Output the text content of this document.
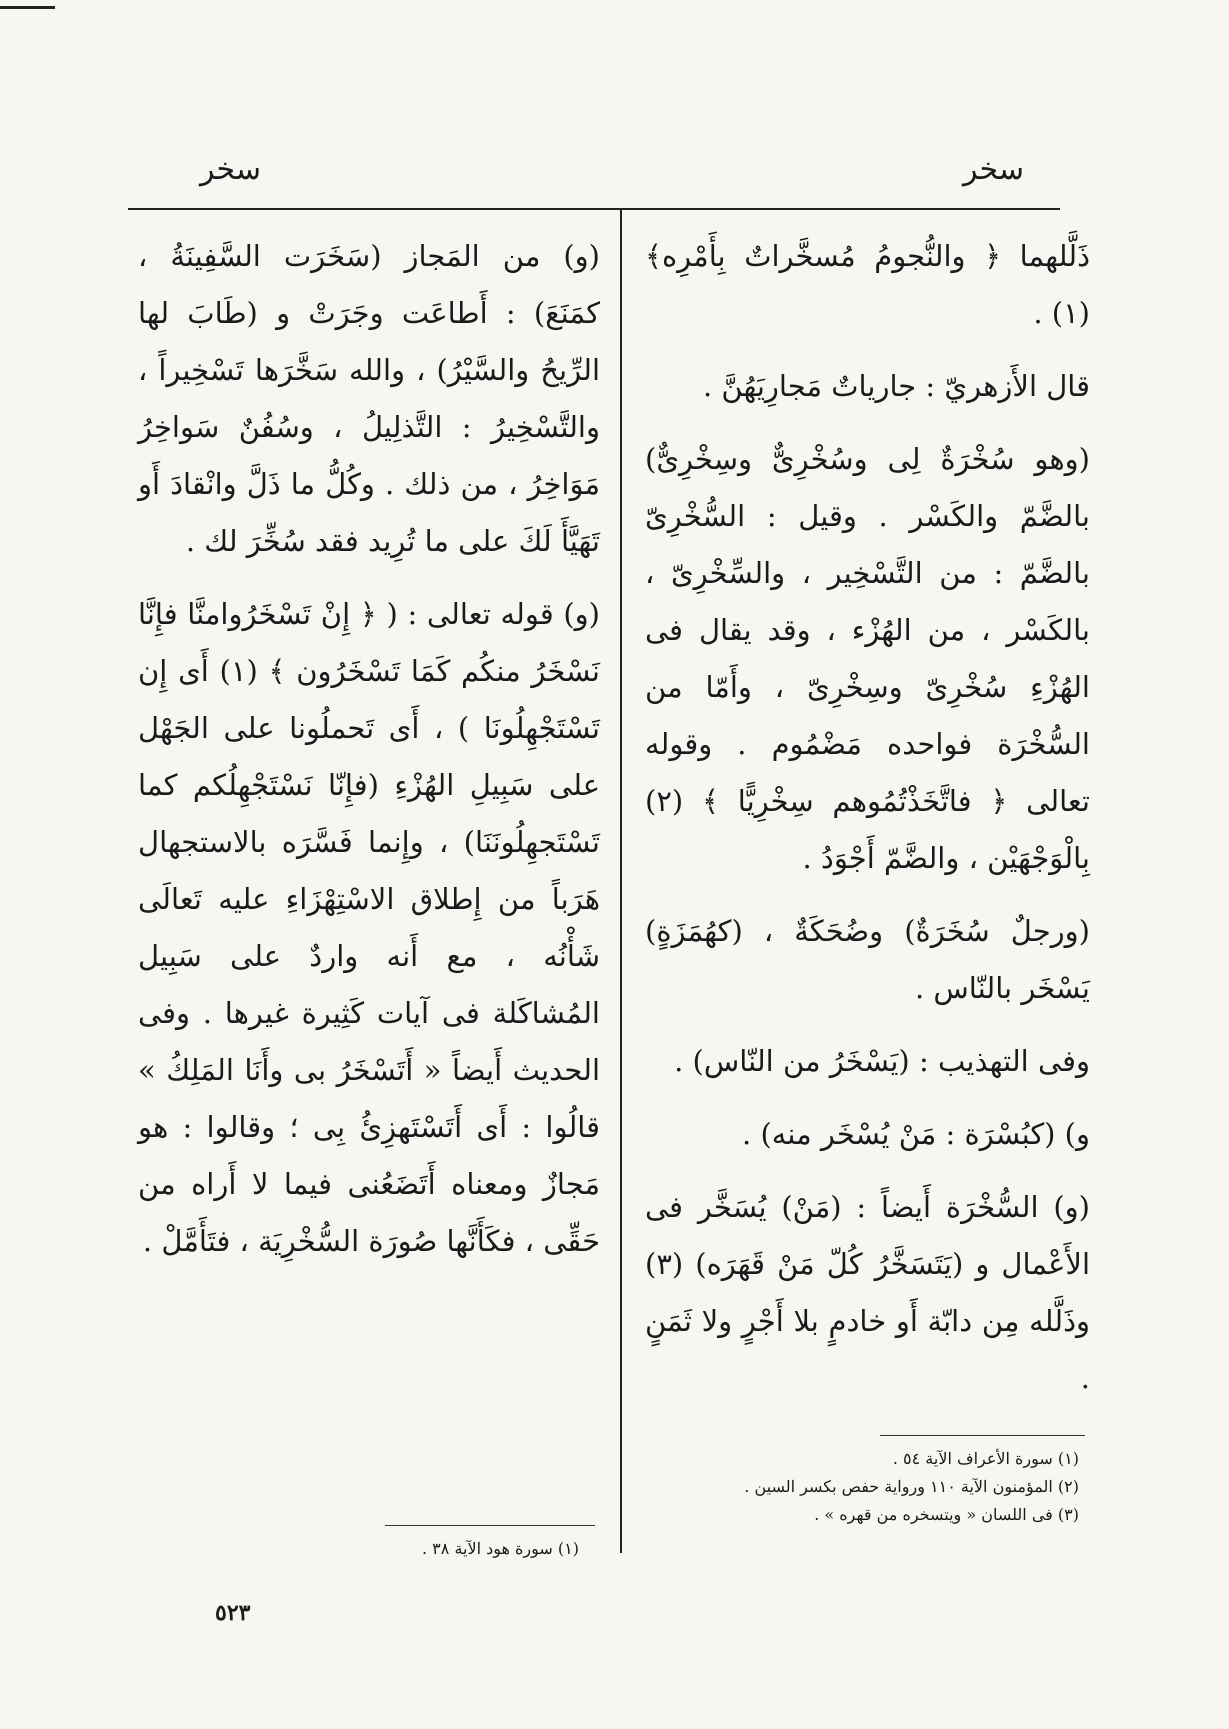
سخر
سخر

ذَلَّلهما ﴿ والنُّجومُ مُسخَّراتٌ بِأَمْرِه﴾ (١) .

قال الأَزهريّ : جارياتٌ مَجارِيَهُنَّ .

(وهو سُخْرَةٌ لِى وسُخْرِىٌّ وسِخْرِىٌّ) بالضَّمّ والكَسْر . وقيل : السُّخْرِىّ بالضَّمّ : من التَّسْخِير ، والسِّخْرِىّ ، بالكَسْر ، من الهُزْء ، وقد يقال فى الهُزْءِ سُخْرِىّ وسِخْرِىّ ، وأَمّا من السُّخْرَة فواحده مَضْمُوم . وقوله تعالى ﴿ فاتَّخَذْتُمُوهم سِخْرِيًّا ﴾ (٢) بِالْوَجْهَيْن ، والضَّمّ أَجْوَدُ .

(ورجلٌ سُخَرَةٌ) وضُحَكَةٌ ، (كهُمَزَةٍ) يَسْخَر بالنّاس .

وفى التهذيب : (يَسْخَرُ من النّاس) .

و) (كبُسْرَة : مَنْ يُسْخَر منه) .

(و) السُّخْرَة أَيضاً : (مَنْ) يُسَخَّر فى الأَعْمال و (يَتَسَخَّرُ كُلّ مَنْ قَهَرَه) (٣) وذَلَّله مِن دابّة أَو خادمٍ بلا أَجْرٍ ولا ثَمَنٍ .

(و) من المَجاز (سَخَرَت السَّفِينَةُ ، كمَنَعَ) : أَطاعَت وجَرَتْ و (طَابَ لها الرِّيحُ والسَّيْرُ) ، والله سَخَّرَها تَسْخِيراً ، والتَّسْخِيرُ : التَّذلِيلُ ، وسُفُنٌ سَواخِرُ مَوَاخِرُ ، من ذلك . وكُلُّ ما ذَلَّ وانْقادَ أَو تَهَيَّأَ لَكَ على ما تُرِيد فقد سُخِّرَ لك .

(و) قوله تعالى : ( ﴿ إِنْ تَسْخَرُوامنَّا فإِنَّا نَسْخَرُ منكُم كَمَا تَسْخَرُون ﴾ (١) أَى إِن تَسْتَجْهِلُونَا ) ، أَى تَحملُونا على الجَهْل على سَبِيلِ الهُزْءِ (فإِنّا نَسْتَجْهِلُكم كما تَسْتَجهِلُونَنَا) ، وإِنما فَسَّرَه بالاستجهال هَرَباً من إِطلاق الاسْتِهْزَاءِ عليه تَعالَى شَأْنُه ، مع أَنه واردٌ على سَبِيل المُشاكَلة فى آيات كَثِيرة غيرها . وفى الحديث أَيضاً « أَتَسْخَرُ بى وأَنَا المَلِكُ » قالُوا : أَى أَتَسْتَهزِئُ بِى ؛ وقالوا : هو مَجازٌ ومعناه أَتَضَعُنى فيما لا أَراه من حَقِّى ، فكَأَنَّها صُورَة السُّخْرِيَة ، فتَأَمَّلْ .

(١) سورة الأعراف الآية ٥٤ .
(٢) المؤمنون الآية ١١٠ ورواية حفص بكسر السين .
(٣) فى اللسان « ويتسخره من قهره » .
(١) سورة هود الآية ٣٨ .
٥٢٣
